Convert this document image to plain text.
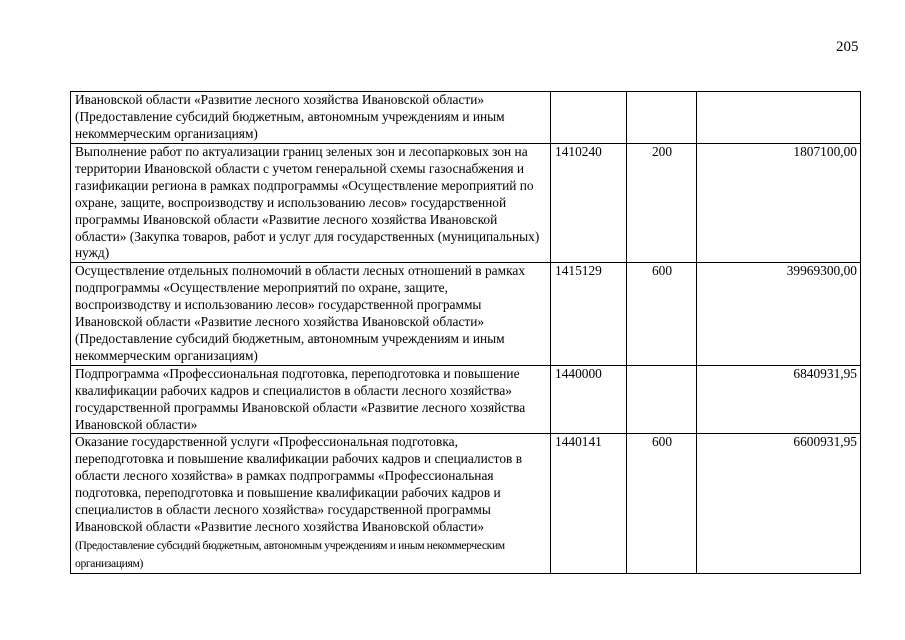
205
Ивановской области «Развитие лесного хозяйства Ивановской области» (Предоставление субсидий бюджетным, автономным учреждениям и иным некоммерческим организациям)			
Выполнение работ по актуализации границ зеленых зон и лесопарковых зон на территории Ивановской области с учетом генеральной схемы газоснабжения и газификации региона в рамках подпрограммы «Осуществление мероприятий по охране, защите, воспроизводству и использованию лесов» государственной программы Ивановской области «Развитие лесного хозяйства Ивановской области» (Закупка товаров, работ и услуг для государственных (муниципальных) нужд)	1410240	200	1807100,00
Осуществление отдельных полномочий в области лесных отношений в рамках подпрограммы «Осуществление мероприятий по охране, защите, воспроизводству и использованию лесов» государственной программы Ивановской области «Развитие лесного хозяйства Ивановской области» (Предоставление субсидий бюджетным, автономным учреждениям и иным некоммерческим организациям)	1415129	600	39969300,00
Подпрограмма «Профессиональная подготовка, переподготовка и повышение квалификации рабочих кадров и специалистов в области лесного хозяйства» государственной программы Ивановской области «Развитие лесного хозяйства Ивановской области»	1440000		6840931,95
Оказание государственной услуги «Профессиональная подготовка, переподготовка и повышение квалификации рабочих кадров и специалистов в области лесного хозяйства» в рамках подпрограммы «Профессиональная подготовка, переподготовка и повышение квалификации рабочих кадров и специалистов в области лесного хозяйства» государственной программы Ивановской области «Развитие лесного хозяйства Ивановской области» (Предоставление субсидий бюджетным, автономным учреждениям и иным некоммерческим организациям)	1440141	600	6600931,95
